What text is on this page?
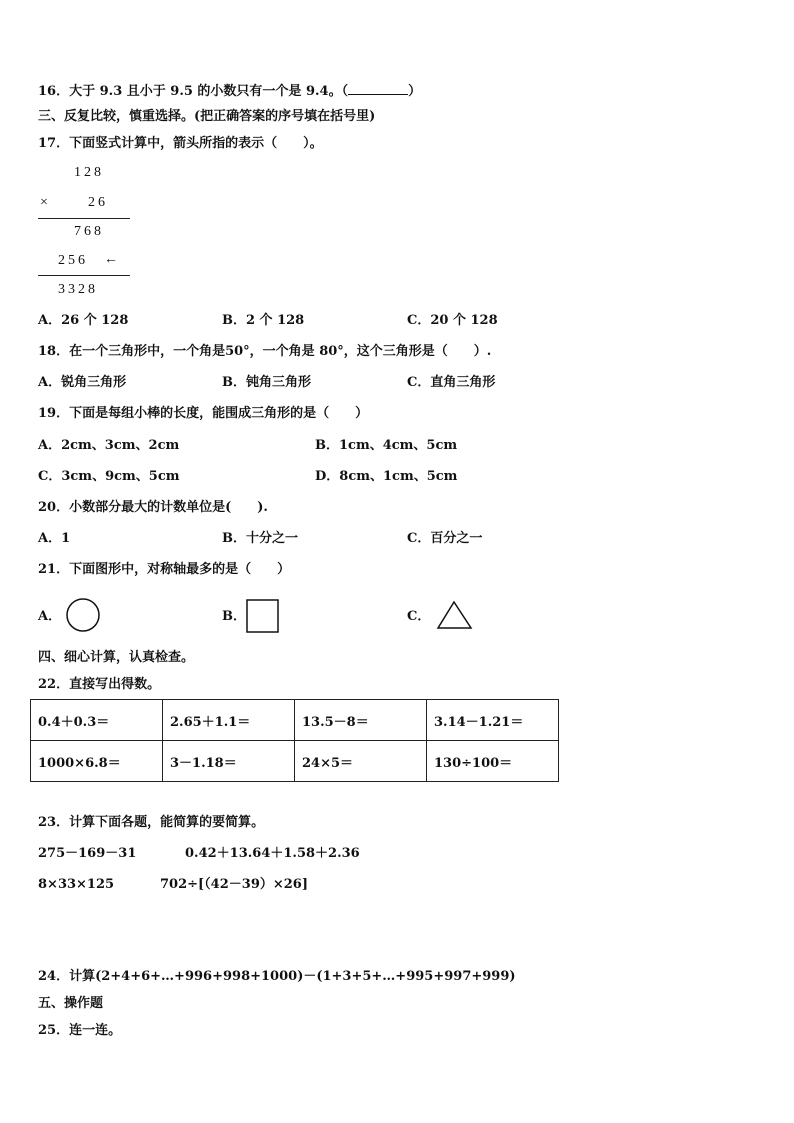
16．大于 9.3 且小于 9.5 的小数只有一个是 9.4。（	）
三、反复比较，慎重选择。(把正确答案的序号填在括号里)
17．下面竖式计算中，箭头所指的表示（　　）。
128
×	26
768
256 ←
3328
A．26 个 128	B．2 个 128	C．20 个 128
18．在一个三角形中，一个角是50°，一个角是 80°，这个三角形是（　　）.
A．锐角三角形	B．钝角三角形	C．直角三角形
19．下面是每组小棒的长度，能围成三角形的是（　　）
A．2cm、3cm、2cm	B．1cm、4cm、5cm
C．3cm、9cm、5cm	D．8cm、1cm、5cm
20．小数部分最大的计数单位是(　　).
A．1	B．十分之一	C．百分之一
21．下面图形中，对称轴最多的是（　　）
A．	B．	C．
四、细心计算，认真检查。
22．直接写出得数。
0.4＋0.3＝	2.65＋1.1＝	13.5－8＝	3.14－1.21＝
1000×6.8＝	3－1.18＝	24×5＝	130÷100＝
23．计算下面各题，能简算的要简算。
275－169－31	0.42＋13.64＋1.58＋2.36
8×33×125	702÷[（42－39）×26]
24．计算(2+4+6+…+996+998+1000)－(1+3+5+…+995+997+999)
五、操作题
25．连一连。
